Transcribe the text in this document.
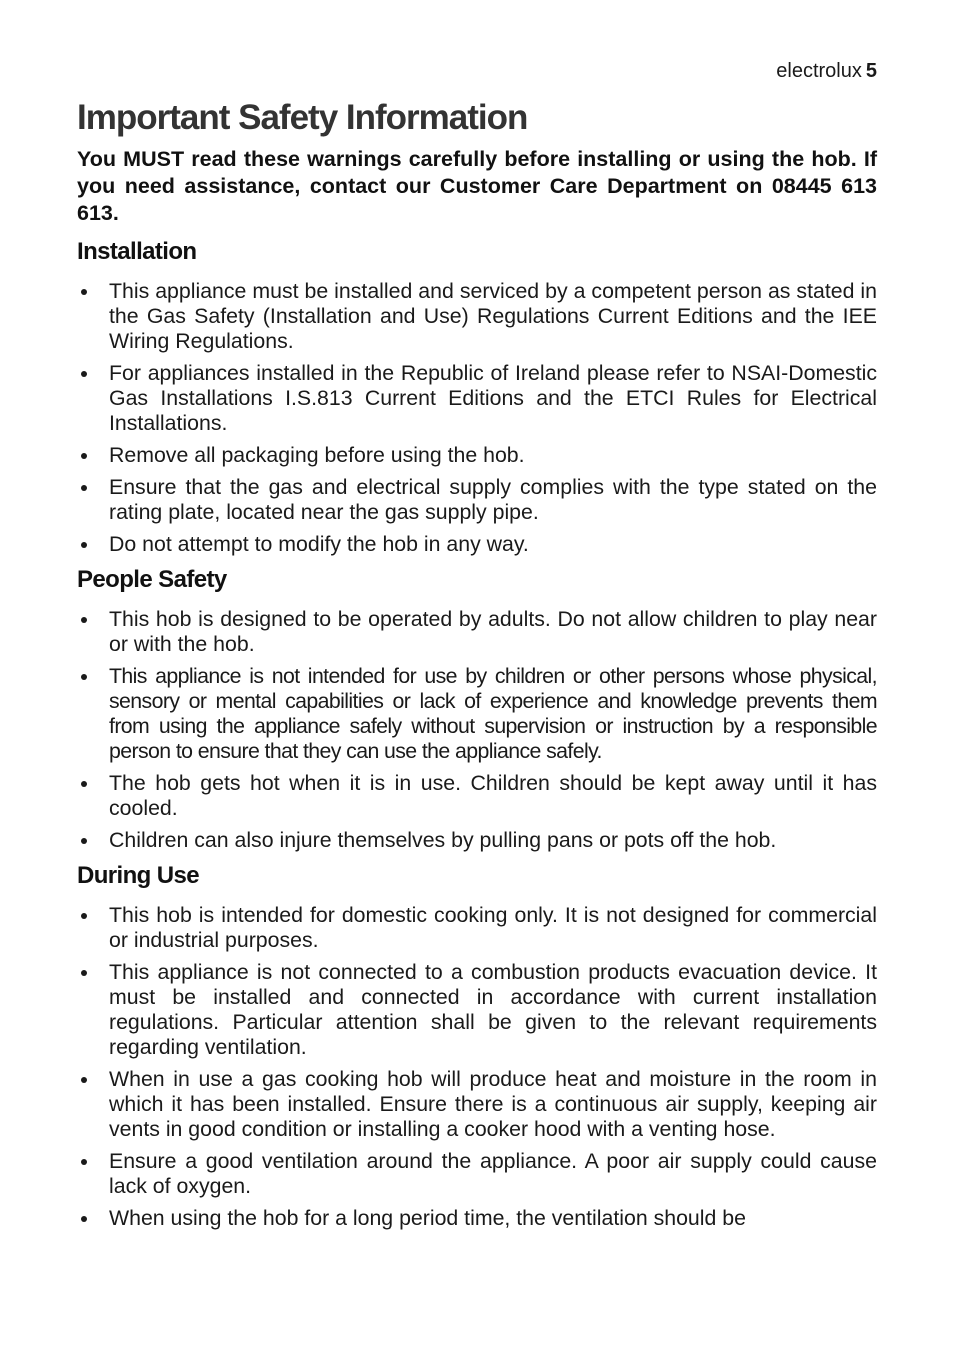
electrolux 5
Important Safety Information

You MUST read these warnings carefully before installing or using the hob. If you need assistance, contact our Customer Care Department on 08445 613 613.

Installation
This appliance must be installed and serviced by a competent person as stated in the Gas Safety (Installation and Use) Regulations Current Editions and the IEE Wiring Regulations.
For appliances installed in the Republic of Ireland please refer to NSAI-Domestic Gas Installations I.S.813 Current Editions and the ETCI Rules for Electrical Installations.
Remove all packaging before using the hob.
Ensure that the gas and electrical supply complies with the type stated on the rating plate, located near the gas supply pipe.
Do not attempt to modify the hob in any way.
People Safety
This hob is designed to be operated by adults. Do not allow children to play near or with the hob.
This appliance is not intended for use by children or other persons whose physical, sensory or mental capabilities or lack of experience and knowledge prevents them from using the appliance safely without supervision or instruction by a responsible person to ensure that they can use the appliance safely.
The hob gets hot when it is in use. Children should be kept away until it has cooled.
Children can also injure themselves by pulling pans or pots off the hob.
During Use
This hob is intended for domestic cooking only. It is not designed for commercial or industrial purposes.
This appliance is not connected to a combustion products evacuation device. It must be installed and connected in accordance with current installation regulations. Particular attention shall be given to the relevant requirements regarding ventilation.
When in use a gas cooking hob will produce heat and moisture in the room in which it has been installed. Ensure there is a continuous air supply, keeping air vents in good condition or installing a cooker hood with a venting hose.
Ensure a good ventilation around the appliance. A poor air supply could cause lack of oxygen.
When using the hob for a long period time, the ventilation should be
